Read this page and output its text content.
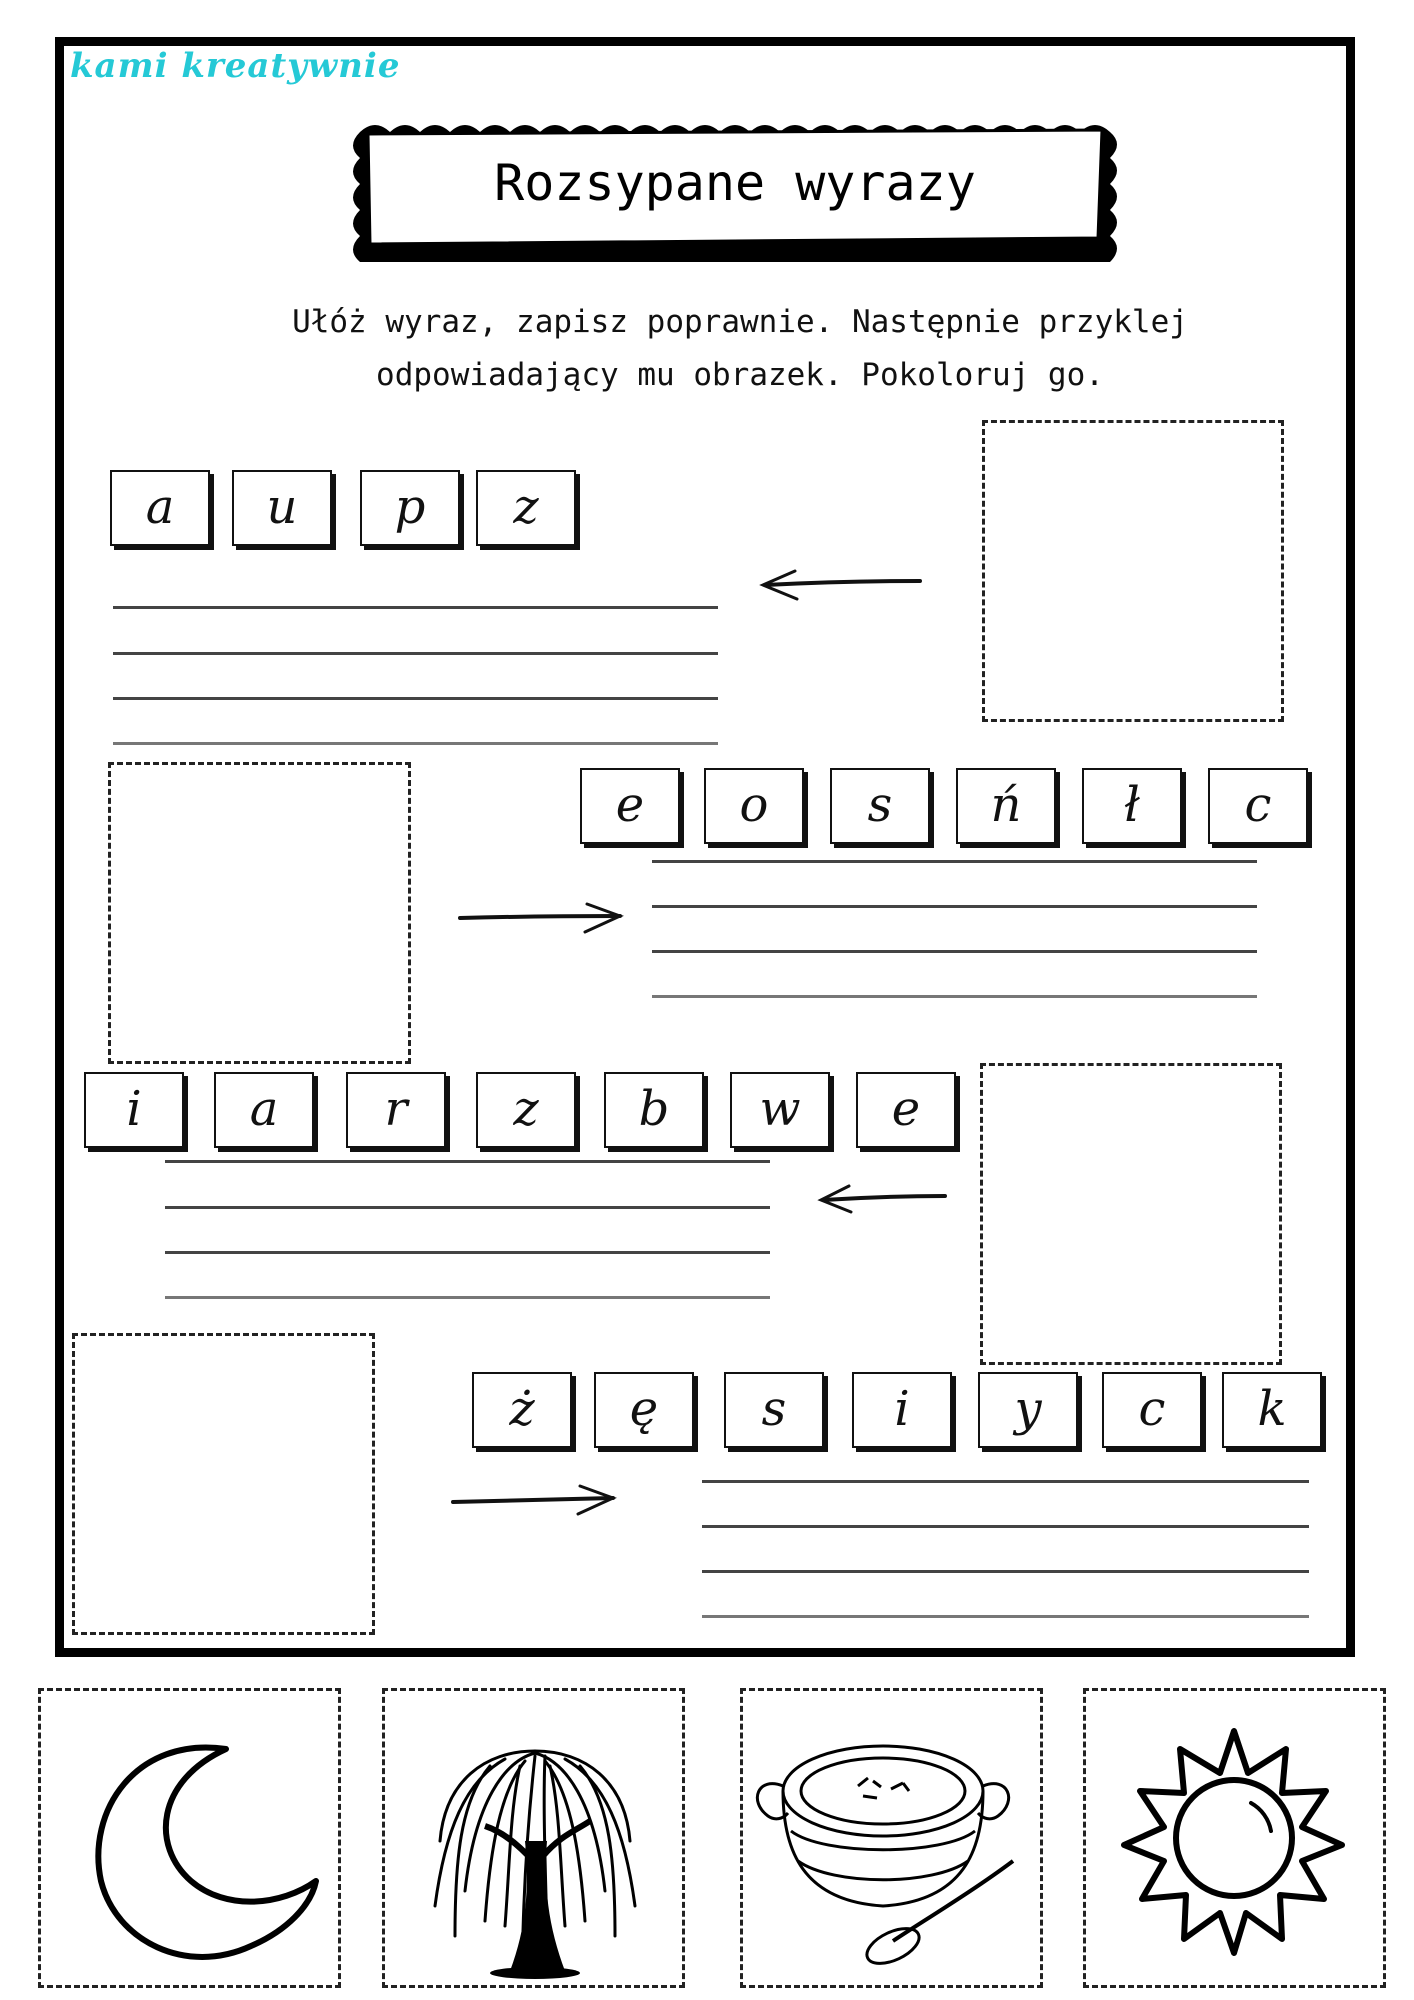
kami kreatywnie
Rozsypane wyrazy
Ułóż wyraz, zapisz poprawnie. Następnie przyklej
odpowiadający mu obrazek. Pokoloruj go.
a	u	p	z
e	o	s	ń	ł	c
i	a	r	z	b	w	e
ż	ę	s	i	y	c	k
